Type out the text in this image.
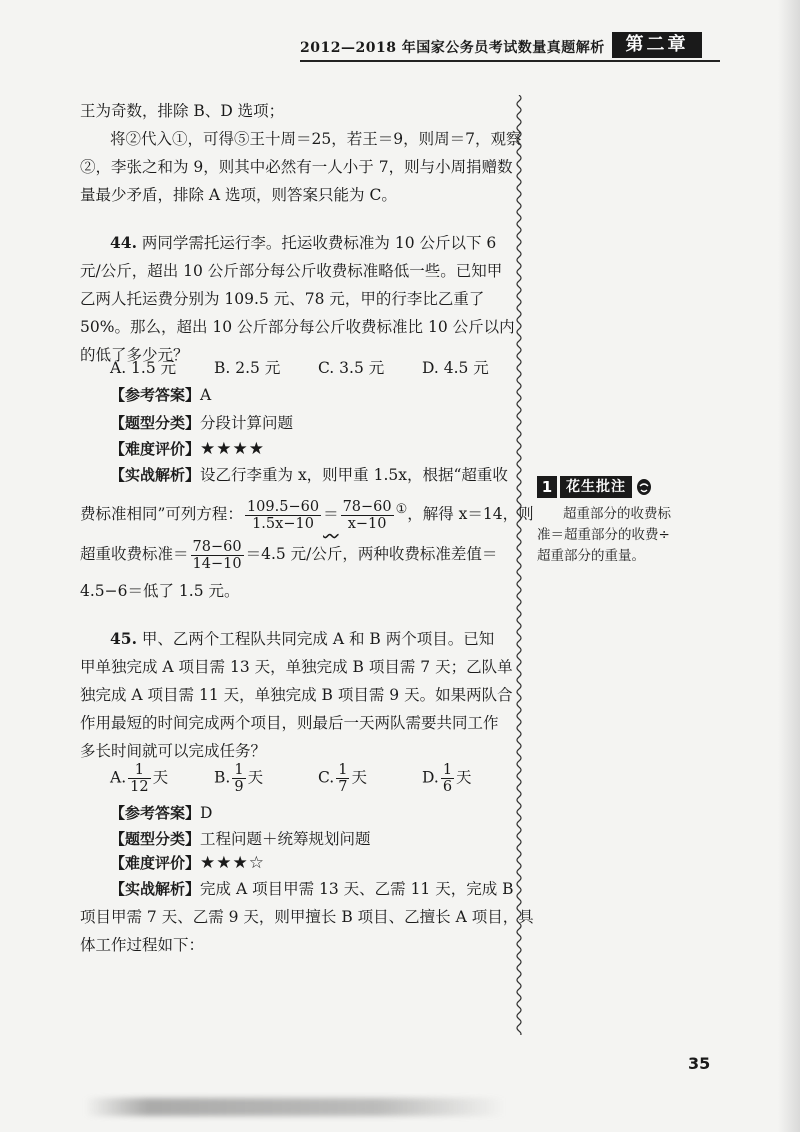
2012—2018 年国家公务员考试数量真题解析	第二章
王为奇数，排除 B、D 选项；
将②代入①，可得⑤王十周＝25，若王＝9，则周＝7，观察
②，李张之和为 9，则其中必然有一人小于 7，则与小周捐赠数
量最少矛盾，排除 A 选项，则答案只能为 C。
44. 两同学需托运行李。托运收费标准为 10 公斤以下 6
元/公斤，超出 10 公斤部分每公斤收费标准略低一些。已知甲
乙两人托运费分别为 109.5 元、78 元，甲的行李比乙重了
50%。那么，超出 10 公斤部分每公斤收费标准比 10 公斤以内
的低了多少元？
A. 1.5 元 B. 2.5 元 C. 3.5 元 D. 4.5 元
【参考答案】A
【题型分类】分段计算问题
【难度评价】★★★★
【实战解析】设乙行李重为 x，则甲重 1.5x，根据“超重收
费标准相同”可列方程： $\frac{109.5-60}{1.5x-10} = \frac{78-60}{x-10} ^①$，解得 x＝14，则
超重收费标准＝ $\frac{78-60}{14-10} =4.5$ 元/公斤，两种收费标准差值＝
4.5−6＝低了 1.5 元。
45. 甲、乙两个工程队共同完成 A 和 B 两个项目。已知
甲单独完成 A 项目需 13 天，单独完成 B 项目需 7 天；乙队单
独完成 A 项目需 11 天，单独完成 B 项目需 9 天。如果两队合
作用最短的时间完成两个项目，则最后一天两队需要共同工作
多长时间就可以完成任务？
A. $\frac{1}{12}$ 天	B. $\frac{1}{9}$ 天	C. $\frac{1}{7}$ 天	D. $\frac{1}{6}$ 天
【参考答案】D
【题型分类】工程问题＋统筹规划问题
【难度评价】★★★☆
【实战解析】完成 A 项目甲需 13 天、乙需 11 天，完成 B
项目甲需 7 天、乙需 9 天，则甲擅长 B 项目、乙擅长 A 项目，具
体工作过程如下：
1 花生批注
超重部分的收费标
准＝超重部分的收费÷
超重部分的重量。
35
